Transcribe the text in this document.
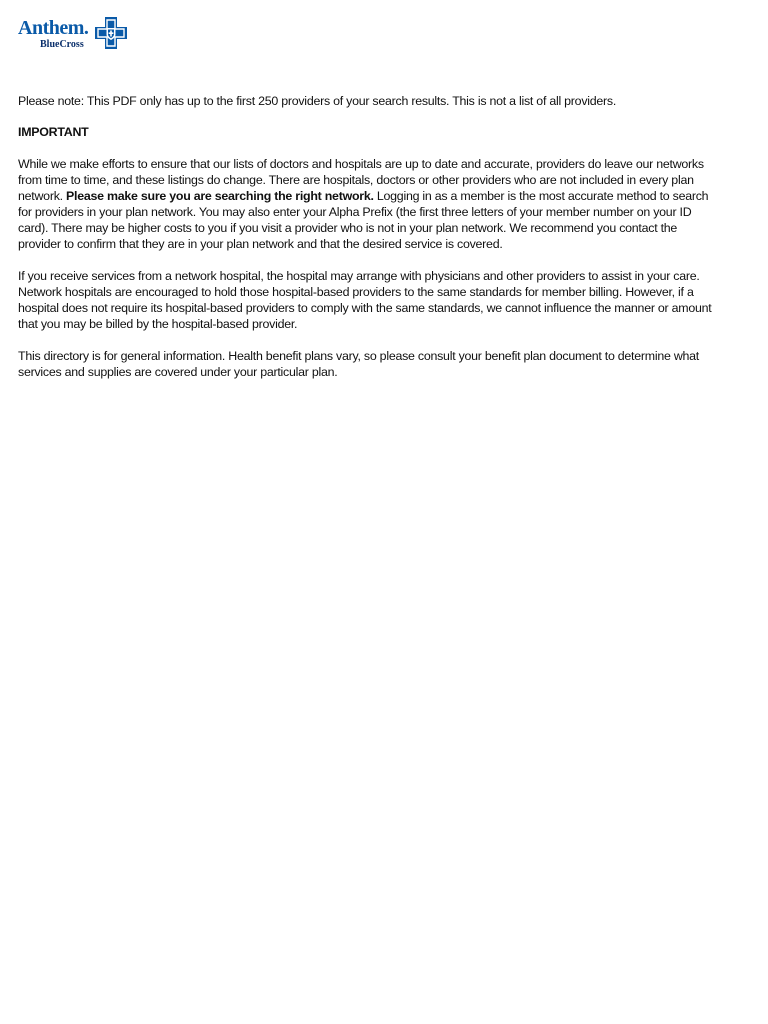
Anthem.
BlueCross

Please note: This PDF only has up to the first 250 providers of your search results. This is not a list of all providers.

IMPORTANT

While we make efforts to ensure that our lists of doctors and hospitals are up to date and accurate, providers do leave our networks from time to time, and these listings do change. There are hospitals, doctors or other providers who are not included in every plan network. Please make sure you are searching the right network. Logging in as a member is the most accurate method to search for providers in your plan network. You may also enter your Alpha Prefix (the first three letters of your member number on your ID card). There may be higher costs to you if you visit a provider who is not in your plan network. We recommend you contact the provider to confirm that they are in your plan network and that the desired service is covered.

If you receive services from a network hospital, the hospital may arrange with physicians and other providers to assist in your care. Network hospitals are encouraged to hold those hospital-based providers to the same standards for member billing. However, if a hospital does not require its hospital-based providers to comply with the same standards, we cannot influence the manner or amount that you may be billed by the hospital-based provider.

This directory is for general information. Health benefit plans vary, so please consult your benefit plan document to determine what services and supplies are covered under your particular plan.
